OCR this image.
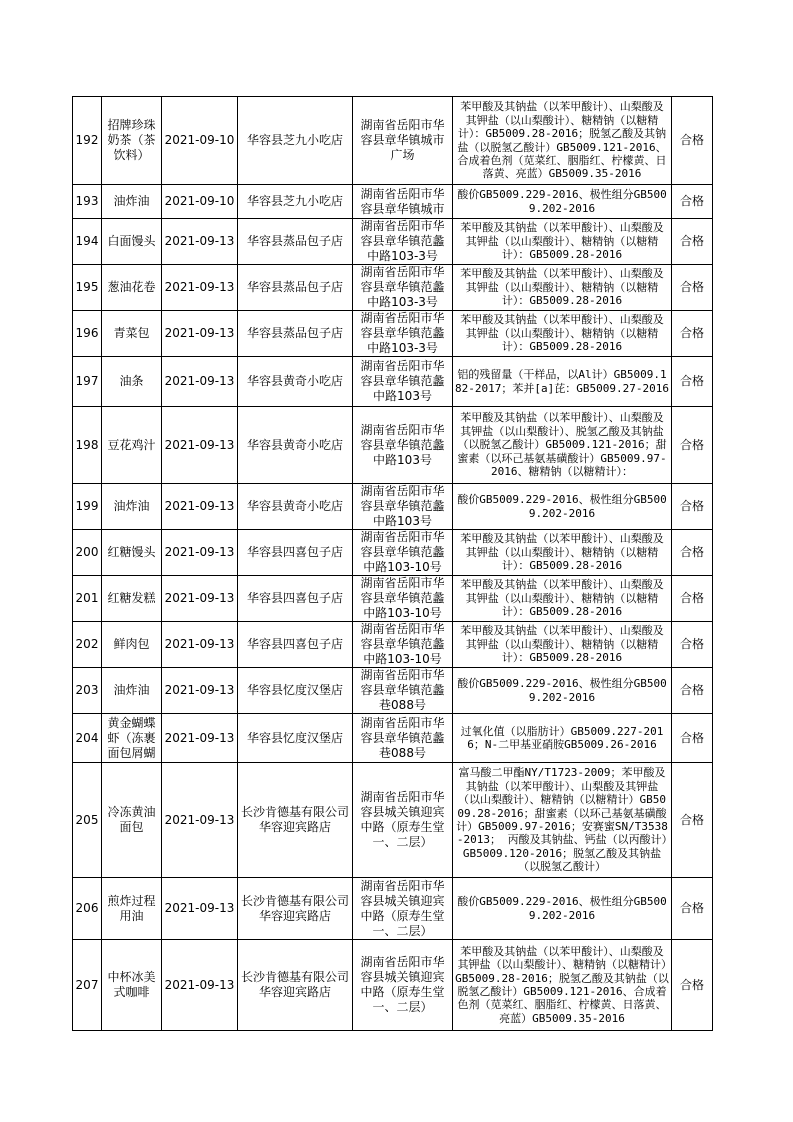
192	招牌珍珠奶茶（茶饮料）	2021-09-10	华容县芝九小吃店	湖南省岳阳市华容县章华镇城市广场	苯甲酸及其钠盐（以苯甲酸计）、山梨酸及其钾盐（以山梨酸计）、糖精钠（以糖精计）：GB5009.28-2016；脱氢乙酸及其钠盐（以脱氢乙酸计）GB5009.121-2016、合成着色剂（苋菜红、胭脂红、柠檬黄、日落黄、亮蓝）GB5009.35-2016	合格
193	油炸油	2021-09-10	华容县芝九小吃店	湖南省岳阳市华容县章华镇城市	酸价GB5009.229-2016、极性组分GB5009.202-2016	合格
194	白面馒头	2021-09-13	华容县蒸品包子店	湖南省岳阳市华容县章华镇范蠡中路103-3号	苯甲酸及其钠盐（以苯甲酸计）、山梨酸及其钾盐（以山梨酸计）、糖精钠（以糖精计）：GB5009.28-2016	合格
195	葱油花卷	2021-09-13	华容县蒸品包子店	湖南省岳阳市华容县章华镇范蠡中路103-3号	苯甲酸及其钠盐（以苯甲酸计）、山梨酸及其钾盐（以山梨酸计）、糖精钠（以糖精计）：GB5009.28-2016	合格
196	青菜包	2021-09-13	华容县蒸品包子店	湖南省岳阳市华容县章华镇范蠡中路103-3号	苯甲酸及其钠盐（以苯甲酸计）、山梨酸及其钾盐（以山梨酸计）、糖精钠（以糖精计）：GB5009.28-2016	合格
197	油条	2021-09-13	华容县黄奇小吃店	湖南省岳阳市华容县章华镇范蠡中路103号	铝的残留量（干样品，以Al计）GB5009.182-2017；苯并[a]芘：GB5009.27-2016	合格
198	豆花鸡汁	2021-09-13	华容县黄奇小吃店	湖南省岳阳市华容县章华镇范蠡中路103号	苯甲酸及其钠盐（以苯甲酸计）、山梨酸及其钾盐（以山梨酸计）、脱氢乙酸及其钠盐（以脱氢乙酸计）GB5009.121-2016；甜蜜素（以环己基氨基磺酸计）GB5009.97-2016、糖精钠（以糖精计）：	合格
199	油炸油	2021-09-13	华容县黄奇小吃店	湖南省岳阳市华容县章华镇范蠡中路103号	酸价GB5009.229-2016、极性组分GB5009.202-2016	合格
200	红糖馒头	2021-09-13	华容县四喜包子店	湖南省岳阳市华容县章华镇范蠡中路103-10号	苯甲酸及其钠盐（以苯甲酸计）、山梨酸及其钾盐（以山梨酸计）、糖精钠（以糖精计）：GB5009.28-2016	合格
201	红糖发糕	2021-09-13	华容县四喜包子店	湖南省岳阳市华容县章华镇范蠡中路103-10号	苯甲酸及其钠盐（以苯甲酸计）、山梨酸及其钾盐（以山梨酸计）、糖精钠（以糖精计）：GB5009.28-2016	合格
202	鲜肉包	2021-09-13	华容县四喜包子店	湖南省岳阳市华容县章华镇范蠡中路103-10号	苯甲酸及其钠盐（以苯甲酸计）、山梨酸及其钾盐（以山梨酸计）、糖精钠（以糖精计）：GB5009.28-2016	合格
203	油炸油	2021-09-13	华容县忆度汉堡店	湖南省岳阳市华容县章华镇范蠡巷088号	酸价GB5009.229-2016、极性组分GB5009.202-2016	合格
204	黄金蝴蝶虾（冻裹面包屑蝴	2021-09-13	华容县忆度汉堡店	湖南省岳阳市华容县章华镇范蠡巷088号	过氧化值（以脂肪计）GB5009.227-2016；N-二甲基亚硝胺GB5009.26-2016	合格
205	冷冻黄油面包	2021-09-13	长沙肯德基有限公司华容迎宾路店	湖南省岳阳市华容县城关镇迎宾中路（原寿生堂一、二层）	富马酸二甲酯NY/T1723-2009；苯甲酸及其钠盐（以苯甲酸计）、山梨酸及其钾盐（以山梨酸计）、糖精钠（以糖精计）GB5009.28-2016；甜蜜素（以环己基氨基磺酸计）GB5009.97-2016；安赛蜜SN/T3538-2013； 丙酸及其钠盐、钙盐（以丙酸计）GB5009.120-2016；脱氢乙酸及其钠盐（以脱氢乙酸计）	合格
206	煎炸过程用油	2021-09-13	长沙肯德基有限公司华容迎宾路店	湖南省岳阳市华容县城关镇迎宾中路（原寿生堂一、二层）	酸价GB5009.229-2016、极性组分GB5009.202-2016	合格
207	中杯冰美式咖啡	2021-09-13	长沙肯德基有限公司华容迎宾路店	湖南省岳阳市华容县城关镇迎宾中路（原寿生堂一、二层）	苯甲酸及其钠盐（以苯甲酸计）、山梨酸及其钾盐（以山梨酸计）、糖精钠（以糖精计）GB5009.28-2016；脱氢乙酸及其钠盐（以脱氢乙酸计）GB5009.121-2016、合成着色剂（苋菜红、胭脂红、柠檬黄、日落黄、亮蓝）GB5009.35-2016	合格
